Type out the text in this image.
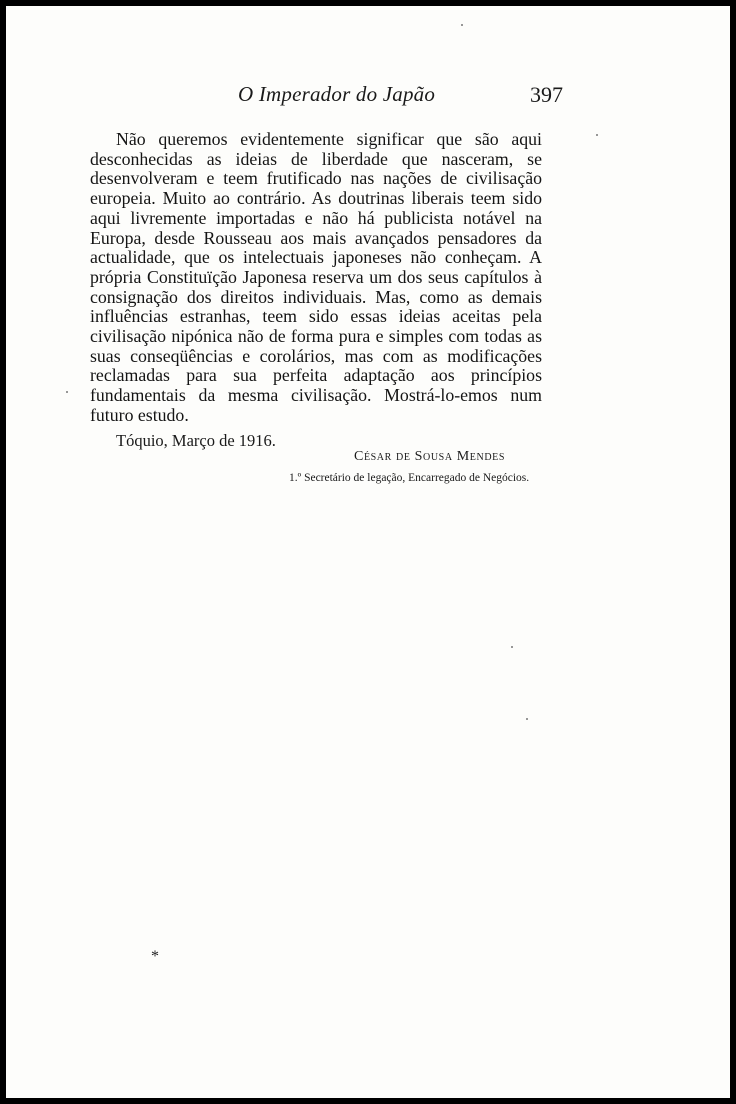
O Imperador do Japão	397

Não queremos evidentemente significar que são aqui desconhecidas as ideias de liberdade que nasceram, se desenvolveram e teem frutificado nas nações de civilisação europeia. Muito ao contrário. As doutrinas liberais teem sido aqui livremente importadas e não há publicista notável na Europa, desde Rousseau aos mais avançados pensadores da actualidade, que os intelectuais japoneses não conheçam. A própria Constituïção Japonesa reserva um dos seus capítulos à consignação dos direitos individuais. Mas, como as demais influências estranhas, teem sido essas ideias aceitas pela civilisação nipónica não de forma pura e simples com todas as suas conseqüências e corolários, mas com as modificações reclamadas para sua perfeita adaptação aos princípios fundamentais da mesma civilisação. Mostrá-lo-emos num futuro estudo.

Tóquio, Março de 1916.
César de Sousa Mendes
1.º Secretário de legação, Encarregado de Negócios.
*
